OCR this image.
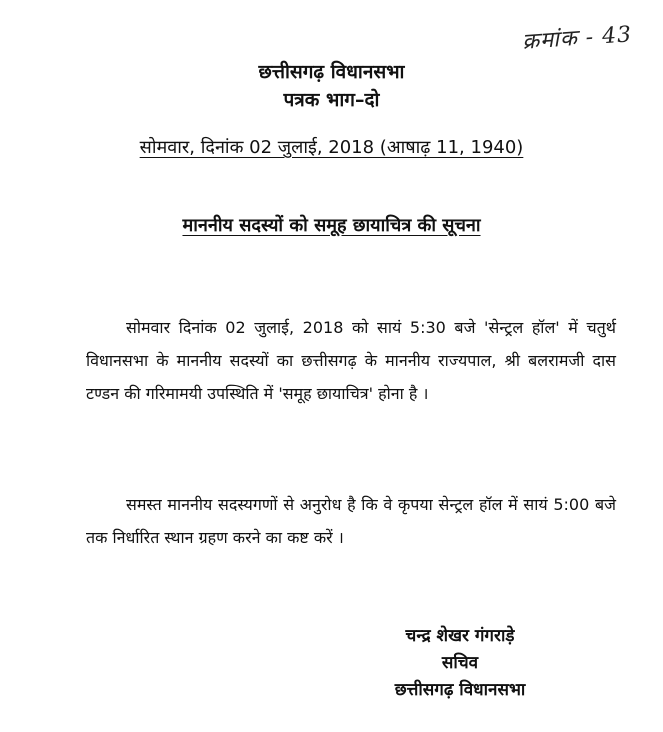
क्रमांक - 43
छत्तीसगढ़ विधानसभा
पत्रक भाग–दो
सोमवार, दिनांक 02 जुलाई, 2018 (आषाढ़ 11, 1940)
माननीय सदस्यों को समूह छायाचित्र की सूचना
सोमवार दिनांक 02 जुलाई, 2018 को सायं 5:30 बजे 'सेन्ट्रल हॉल' में चतुर्थ विधानसभा के माननीय सदस्यों का छत्तीसगढ़ के माननीय राज्यपाल, श्री बलरामजी दास टण्डन की गरिमामयी उपस्थिति में 'समूह छायाचित्र' होना है ।
समस्त माननीय सदस्यगणों से अनुरोध है कि वे कृपया सेन्ट्रल हॉल में सायं 5:00 बजे तक निर्धारित स्थान ग्रहण करने का कष्ट करें ।
चन्द्र शेखर गंगराड़े
सचिव
छत्तीसगढ़ विधानसभा
